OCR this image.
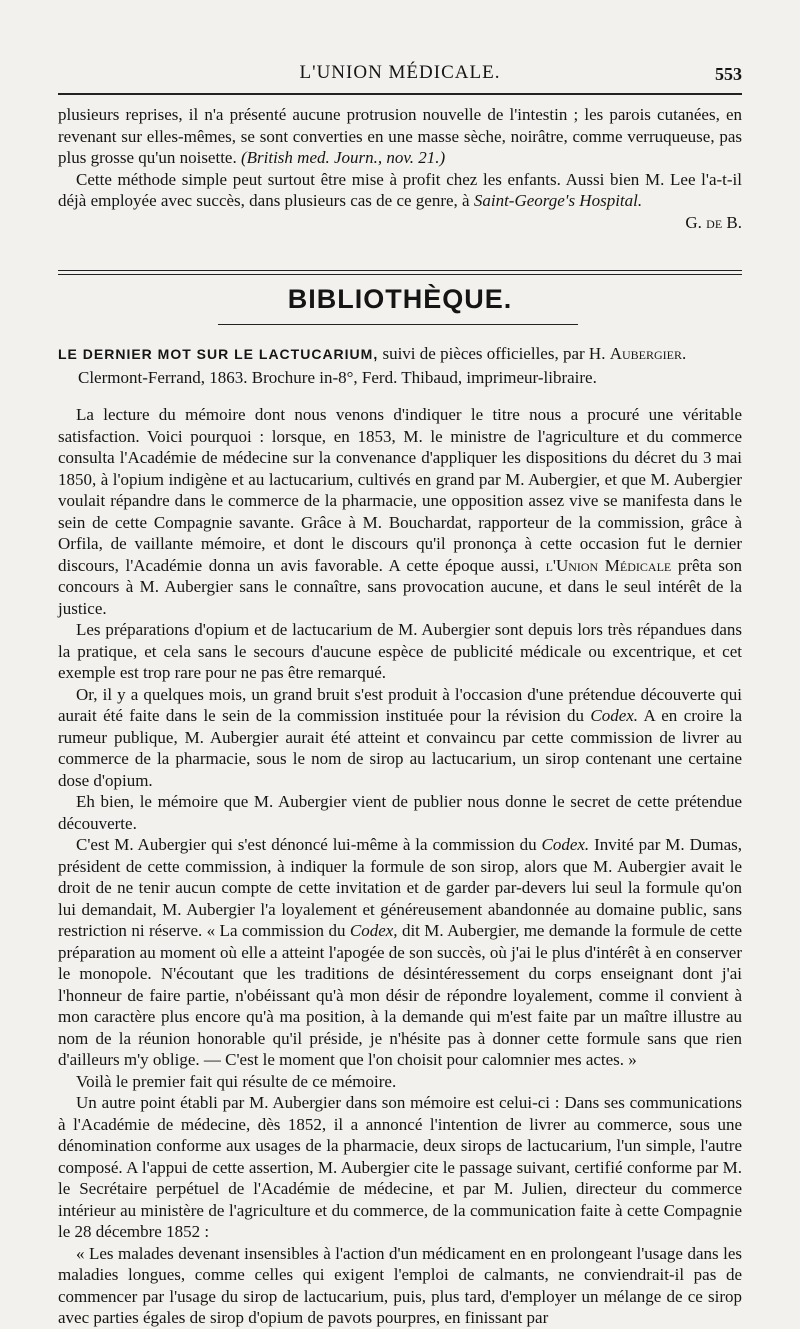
L'UNION MÉDICALE.	553

plusieurs reprises, il n'a présenté aucune protrusion nouvelle de l'intestin ; les parois cutanées, en revenant sur elles-mêmes, se sont converties en une masse sèche, noirâtre, comme verruqueuse, pas plus grosse qu'un noisette. (British med. Journ., nov. 21.)

Cette méthode simple peut surtout être mise à profit chez les enfants. Aussi bien M. Lee l'a-t-il déjà employée avec succès, dans plusieurs cas de ce genre, à Saint-George's Hospital.

G. de B.
BIBLIOTHÈQUE.
LE DERNIER MOT SUR LE LACTUCARIUM, suivi de pièces officielles, par H. Aubergier.
Clermont-Ferrand, 1863. Brochure in-8°, Ferd. Thibaud, imprimeur-libraire.

La lecture du mémoire dont nous venons d'indiquer le titre nous a procuré une véritable satisfaction. Voici pourquoi : lorsque, en 1853, M. le ministre de l'agriculture et du commerce consulta l'Académie de médecine sur la convenance d'appliquer les dispositions du décret du 3 mai 1850, à l'opium indigène et au lactucarium, cultivés en grand par M. Aubergier, et que M. Aubergier voulait répandre dans le commerce de la pharmacie, une opposition assez vive se manifesta dans le sein de cette Compagnie savante. Grâce à M. Bouchardat, rapporteur de la commission, grâce à Orfila, de vaillante mémoire, et dont le discours qu'il prononça à cette occasion fut le dernier discours, l'Académie donna un avis favorable. A cette époque aussi, l'Union Médicale prêta son concours à M. Aubergier sans le connaître, sans provocation aucune, et dans le seul intérêt de la justice.

Les préparations d'opium et de lactucarium de M. Aubergier sont depuis lors très répandues dans la pratique, et cela sans le secours d'aucune espèce de publicité médicale ou excentrique, et cet exemple est trop rare pour ne pas être remarqué.

Or, il y a quelques mois, un grand bruit s'est produit à l'occasion d'une prétendue découverte qui aurait été faite dans le sein de la commission instituée pour la révision du Codex. A en croire la rumeur publique, M. Aubergier aurait été atteint et convaincu par cette commission de livrer au commerce de la pharmacie, sous le nom de sirop au lactucarium, un sirop contenant une certaine dose d'opium.

Eh bien, le mémoire que M. Aubergier vient de publier nous donne le secret de cette prétendue découverte.

C'est M. Aubergier qui s'est dénoncé lui-même à la commission du Codex. Invité par M. Dumas, président de cette commission, à indiquer la formule de son sirop, alors que M. Aubergier avait le droit de ne tenir aucun compte de cette invitation et de garder par-devers lui seul la formule qu'on lui demandait, M. Aubergier l'a loyalement et généreusement abandonnée au domaine public, sans restriction ni réserve. « La commission du Codex, dit M. Aubergier, me demande la formule de cette préparation au moment où elle a atteint l'apogée de son succès, où j'ai le plus d'intérêt à en conserver le monopole. N'écoutant que les traditions de désintéressement du corps enseignant dont j'ai l'honneur de faire partie, n'obéissant qu'à mon désir de répondre loyalement, comme il convient à mon caractère plus encore qu'à ma position, à la demande qui m'est faite par un maître illustre au nom de la réunion honorable qu'il préside, je n'hésite pas à donner cette formule sans que rien d'ailleurs m'y oblige. — C'est le moment que l'on choisit pour calomnier mes actes. »

Voilà le premier fait qui résulte de ce mémoire.

Un autre point établi par M. Aubergier dans son mémoire est celui-ci : Dans ses communications à l'Académie de médecine, dès 1852, il a annoncé l'intention de livrer au commerce, sous une dénomination conforme aux usages de la pharmacie, deux sirops de lactucarium, l'un simple, l'autre composé. A l'appui de cette assertion, M. Aubergier cite le passage suivant, certifié conforme par M. le Secrétaire perpétuel de l'Académie de médecine, et par M. Julien, directeur du commerce intérieur au ministère de l'agriculture et du commerce, de la communication faite à cette Compagnie le 28 décembre 1852 :

« Les malades devenant insensibles à l'action d'un médicament en en prolongeant l'usage dans les maladies longues, comme celles qui exigent l'emploi de calmants, ne conviendrait-il pas de commencer par l'usage du sirop de lactucarium, puis, plus tard, d'employer un mélange de ce sirop avec parties égales de sirop d'opium de pavots pourpres, en finissant par
